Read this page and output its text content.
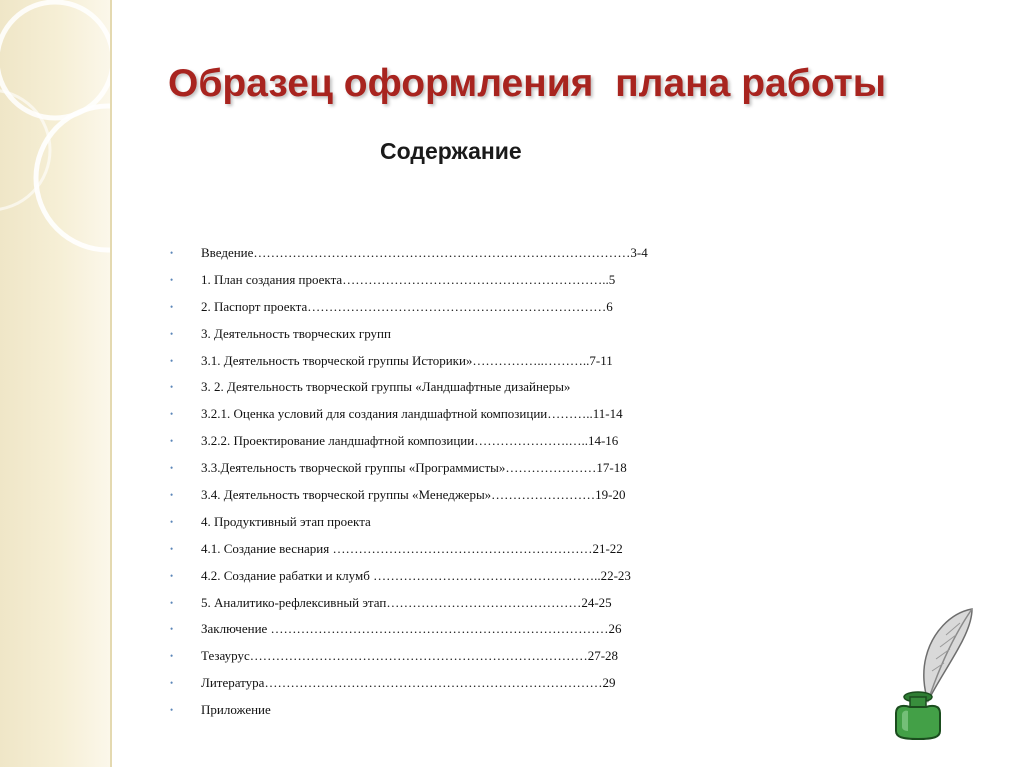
Образец оформления  плана работы
Содержание
• Введение……………………………………………………………………………3-4
• 1. План создания проекта……………………………………………………..5
• 2. Паспорт проекта……………………………………………………………6
• 3. Деятельность творческих групп
• 3.1. Деятельность творческой группы Историки»……………..………..7-11
• 3. 2. Деятельность творческой группы «Ландшафтные дизайнеры»
• 3.2.1. Оценка условий для создания ландшафтной композиции………..11-14
• 3.2.2. Проектирование ландшафтной композиции………………….…..14-16
• 3.3.Деятельность творческой группы «Программисты»…………………17-18
• 3.4. Деятельность творческой группы «Менеджеры»……………………19-20
• 4. Продуктивный этап проекта
• 4.1. Создание веснария ……………………………………………………21-22
• 4.2. Создание рабатки и клумб ……………………………………………..22-23
• 5. Аналитико-рефлексивный этап………………………………………24-25
• Заключение ……………………………………………………………………26
• Тезаурус……………………………………………………………………27-28
• Литература……………………………………………………………………29
• Приложение
